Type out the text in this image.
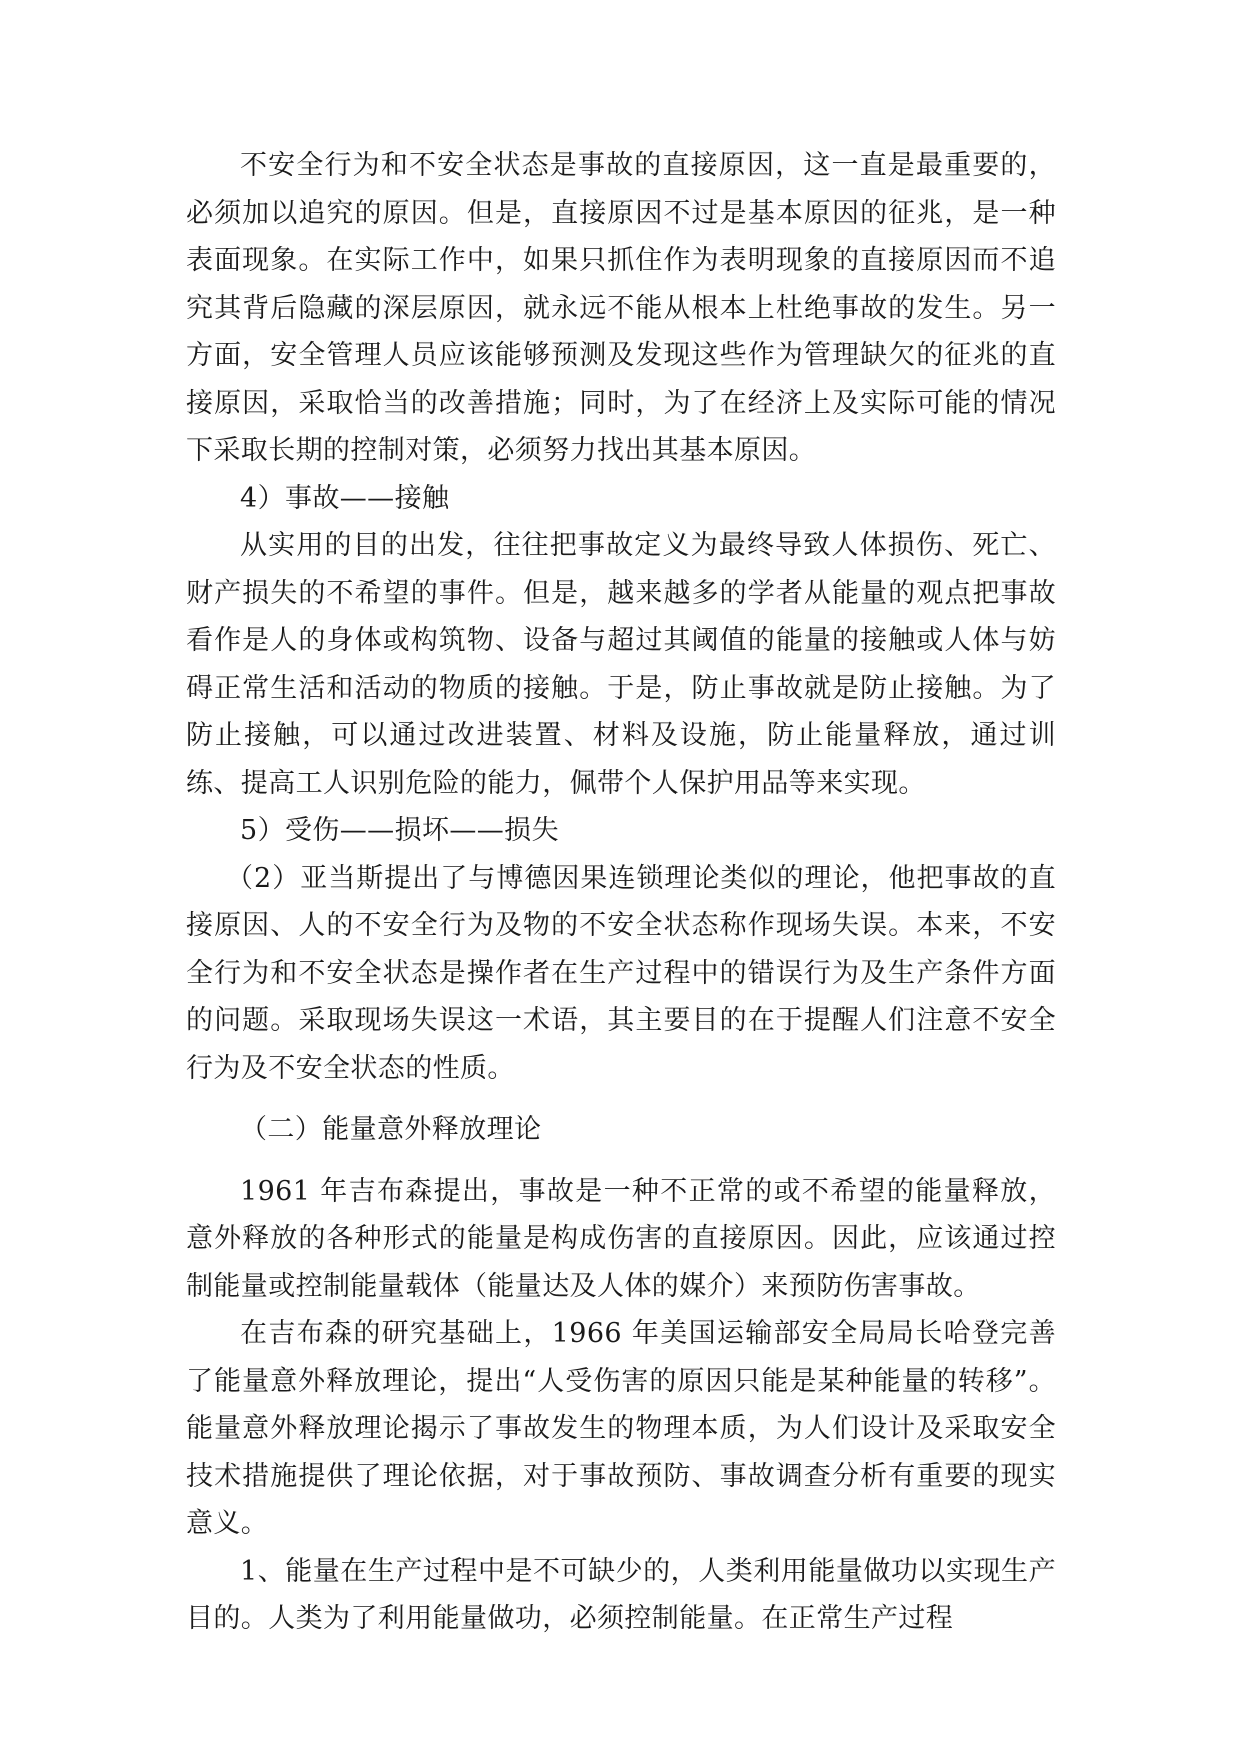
不安全行为和不安全状态是事故的直接原因，这一直是最重要的，必须加以追究的原因。但是，直接原因不过是基本原因的征兆，是一种表面现象。在实际工作中，如果只抓住作为表明现象的直接原因而不追究其背后隐藏的深层原因，就永远不能从根本上杜绝事故的发生。另一方面，安全管理人员应该能够预测及发现这些作为管理缺欠的征兆的直接原因，采取恰当的改善措施；同时，为了在经济上及实际可能的情况下采取长期的控制对策，必须努力找出其基本原因。

4）事故——接触

从实用的目的出发，往往把事故定义为最终导致人体损伤、死亡、财产损失的不希望的事件。但是，越来越多的学者从能量的观点把事故看作是人的身体或构筑物、设备与超过其阈值的能量的接触或人体与妨碍正常生活和活动的物质的接触。于是，防止事故就是防止接触。为了防止接触，可以通过改进装置、材料及设施，防止能量释放，通过训练、提高工人识别危险的能力，佩带个人保护用品等来实现。

5）受伤——损坏——损失

（2）亚当斯提出了与博德因果连锁理论类似的理论，他把事故的直接原因、人的不安全行为及物的不安全状态称作现场失误。本来，不安全行为和不安全状态是操作者在生产过程中的错误行为及生产条件方面的问题。采取现场失误这一术语，其主要目的在于提醒人们注意不安全行为及不安全状态的性质。

（二）能量意外释放理论

1961 年吉布森提出，事故是一种不正常的或不希望的能量释放，意外释放的各种形式的能量是构成伤害的直接原因。因此，应该通过控制能量或控制能量载体（能量达及人体的媒介）来预防伤害事故。

在吉布森的研究基础上，1966 年美国运输部安全局局长哈登完善了能量意外释放理论，提出“人受伤害的原因只能是某种能量的转移”。 能量意外释放理论揭示了事故发生的物理本质，为人们设计及采取安全技术措施提供了理论依据，对于事故预防、事故调查分析有重要的现实意义。

1、能量在生产过程中是不可缺少的，人类利用能量做功以实现生产目的。人类为了利用能量做功，必须控制能量。在正常生产过程
